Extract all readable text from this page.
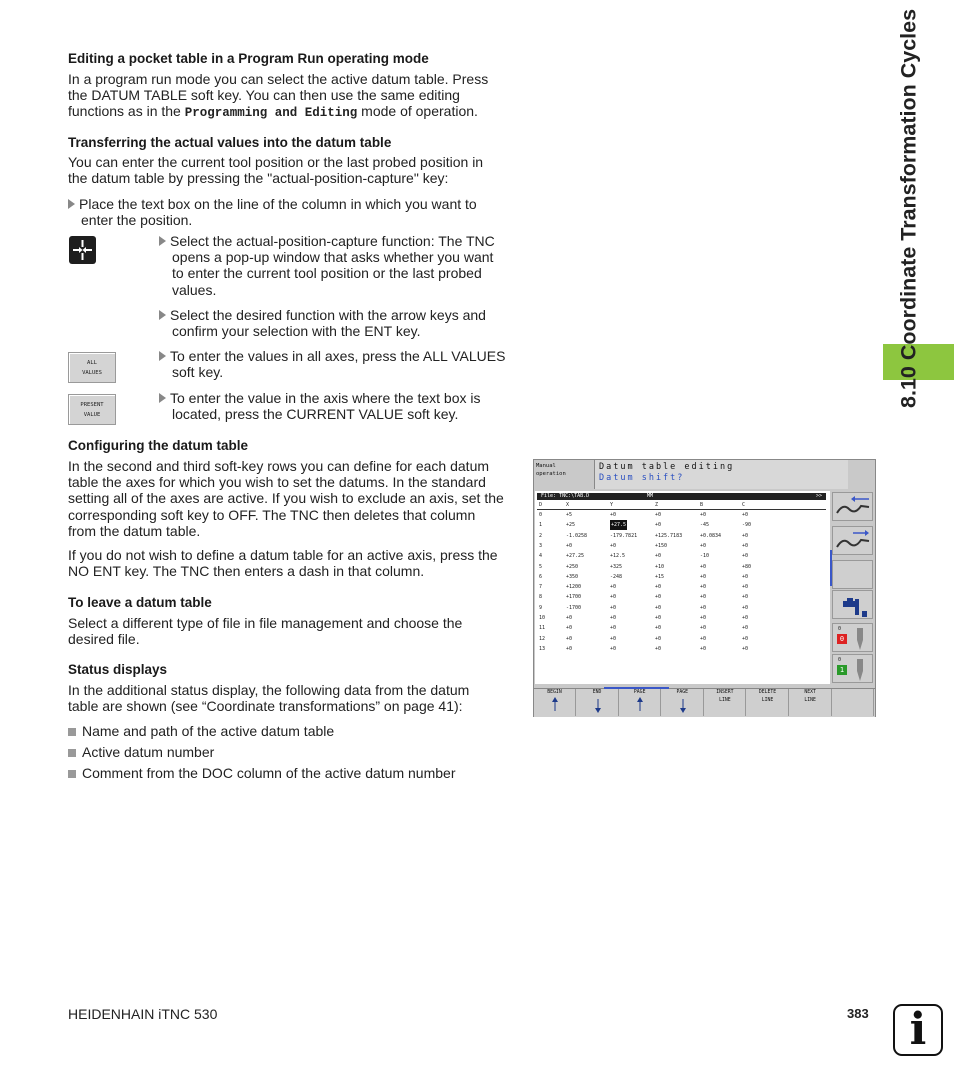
8.10 Coordinate Transformation Cycles

Editing a pocket table in a Program Run operating mode

In a program run mode you can select the active datum table. Press
the DATUM TABLE soft key. You can then use the same editing
functions as in the Programming and Editing mode of operation.

Transferring the actual values into the datum table

You can enter the current tool position or the last probed position in
the datum table by pressing the "actual-position-capture" key:
Place the text box on the line of the column in which you want to
enter the position.
Select the actual-position-capture function: The TNC
opens a pop-up window that asks whether you want
to enter the current tool position or the last probed
values.
Select the desired function with the arrow keys and
confirm your selection with the ENT key.
ALL
VALUES
To enter the values in all axes, press the ALL VALUES
soft key.
PRESENT
VALUE
To enter the value in the axis where the text box is
located, press the CURRENT VALUE soft key.

Configuring the datum table

In the second and third soft-key rows you can define for each datum
table the axes for which you wish to set the datums. In the standard
setting all of the axes are active. If you wish to exclude an axis, set the
corresponding soft key to OFF. The TNC then deletes that column
from the datum table.
If you do not wish to define a datum table for an active axis, press the
NO ENT key. The TNC then enters a dash in that column.

To leave a datum table

Select a different type of file in file management and choose the
desired file.

Status displays

In the additional status display, the following data from the datum
table are shown (see “Coordinate transformations” on page 41):
Name and path of the active datum table
Active datum number
Comment from the DOC column of the active datum number
Manual
operation
Datum table editing
Datum shift?
File: TNC:\TAB.D	MM	>>
D	X	Y	Z	B	C
0	+5	+0	+0	+0	+0
1	+25	+27.5	+0	-45	-90
2	-1.0258	-179.7821	+125.7183	+0.0834	+0
3	+0	+0	+150	+0	+0
4	+27.25	+12.5	+0	-10	+0
5	+250	+325	+10	+0	+80
6	+350	-248	+15	+0	+0
7	+1200	+0	+0	+0	+0
8	+1700	+0	+0	+0	+0
9	-1700	+0	+0	+0	+0
10	+0	+0	+0	+0	+0
11	+0	+0	+0	+0	+0
12	+0	+0	+0	+0	+0
13	+0	+0	+0	+0	+0
0
0
0
1
BEGIN	END	PAGE	PAGE	INSERT
LINE
DELETE
LINE
NEXT
LINE
HEIDENHAIN iTNC 530	383 i
